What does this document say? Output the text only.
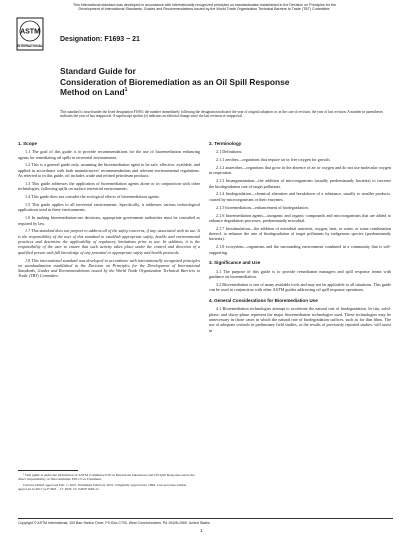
This international standard was developed in accordance with internationally recognized principles on standardization established in the Decision on Principles for the
Development of International Standards, Guides and Recommendations issued by the World Trade Organization Technical Barriers to Trade (TBT) Committee.
ASTM
INTERNATIONAL
Designation: F1693 − 21
Standard Guide for
Consideration of Bioremediation as an Oil Spill Response
Method on Land$^1$
This standard is issued under the fixed designation F1693; the number immediately following the designation indicates the year of original adoption or, in the case of revision, the year of last revision. A number in parentheses indicates the year of last reapproval. A superscript epsilon (ε) indicates an editorial change since the last revision or reapproval.
1. Scope

1.1 The goal of this guide is to provide recommendations for the use of bioremediation enhancing agents for remediating oil spills in terrestrial environments.

1.2 This is a general guide only, assuming the bioremediation agent to be safe, effective, available, and applied in accordance with both manufacturers' recommendations and relevant environmental regulations. As referred to in this guide, oil includes crude and refined petroleum products.

1.3 This guide addresses the application of bioremediation agents alone or in conjunction with other technologies, following spills on surface terrestrial environments.

1.4 This guide does not consider the ecological effects of bioremediation agents.

1.5 This guide applies to all terrestrial environments. Specifically, it addresses various technological applications used in these environments.

1.6 In making bioremediation-use decisions, appropriate government authorities must be consulted as required by law.

1.7 This standard does not purport to address all of the safety concerns, if any, associated with its use. It is the responsibility of the user of this standard to establish appropriate safety, health, and environmental practices and determine the applicability of regulatory limitations prior to use. In addition, it is the responsibility of the user to ensure that such activity takes place under the control and direction of a qualified person with full knowledge of any potential or appropriate safety and health protocols.

1.8 This international standard was developed in accordance with internationally recognized principles on standardization established in the Decision on Principles for the Development of International Standards, Guides and Recommendations issued by the World Trade Organization Technical Barriers to Trade (TBT) Committee.

¹ This guide is under the jurisdiction of ASTM Committee F20 on Hazardous Substances and Oil Spill Response and is the direct responsibility of Subcommittee F20.13 on Treatment.

Current edition approved Feb. 1, 2021. Published February 2021. Originally approved in 1996. Last previous edition approved in 2017 as F1693 – 17. DOI: 10.1520/F1693-21.

2. Terminology

2.1 Definitions:

2.1.1 aerobes—organisms that require air or free oxygen for growth.

2.1.2 anaerobes—organisms that grow in the absence of air or oxygen and do not use molecular oxygen in respiration.

2.1.3 bioaugmentation—the addition of microorganisms (usually predominantly bacteria) to increase the biodegradation rate of target pollutants.

2.1.4 biodegradation—chemical alteration and breakdown of a substance, usually to smaller products, caused by microorganisms or their enzymes.

2.1.5 bioremediation—enhancement of biodegradation.

2.1.6 bioremediation agents—inorganic and organic compounds and microorganisms that are added to enhance degradation processes, predominantly microbial.

2.1.7 biostimulation—the addition of microbial nutrients, oxygen, heat, or water, or some combination thereof, to enhance the rate of biodegradation of target pollutants by indigenous species (predominantly bacteria).

2.1.8 ecosystem—organisms and the surrounding environment combined in a community that is self-supporting.

3. Significance and Use

3.1 The purpose of this guide is to provide remediation managers and spill response teams with guidance on bioremediation.

3.2 Bioremediation is one of many available tools and may not be applicable to all situations. This guide can be used in conjunction with other ASTM guides addressing oil spill response operations.

4. General Considerations for Bioremediation Use

4.1 Bioremediation technologies attempt to accelerate the natural rate of biodegradation. In situ, solid-phase, and slurry-phase represent the major bioremediation technologies used. These technologies may be unnecessary in those cases in which the natural rate of biodegradation suffices, such as for thin films. The use of adequate controls in preliminary field studies, or the results of previously reported studies, will assist in

Copyright © ASTM International, 100 Barr Harbor Drive, PO Box C700, West Conshohocken, PA 19428-2959. United States
1
